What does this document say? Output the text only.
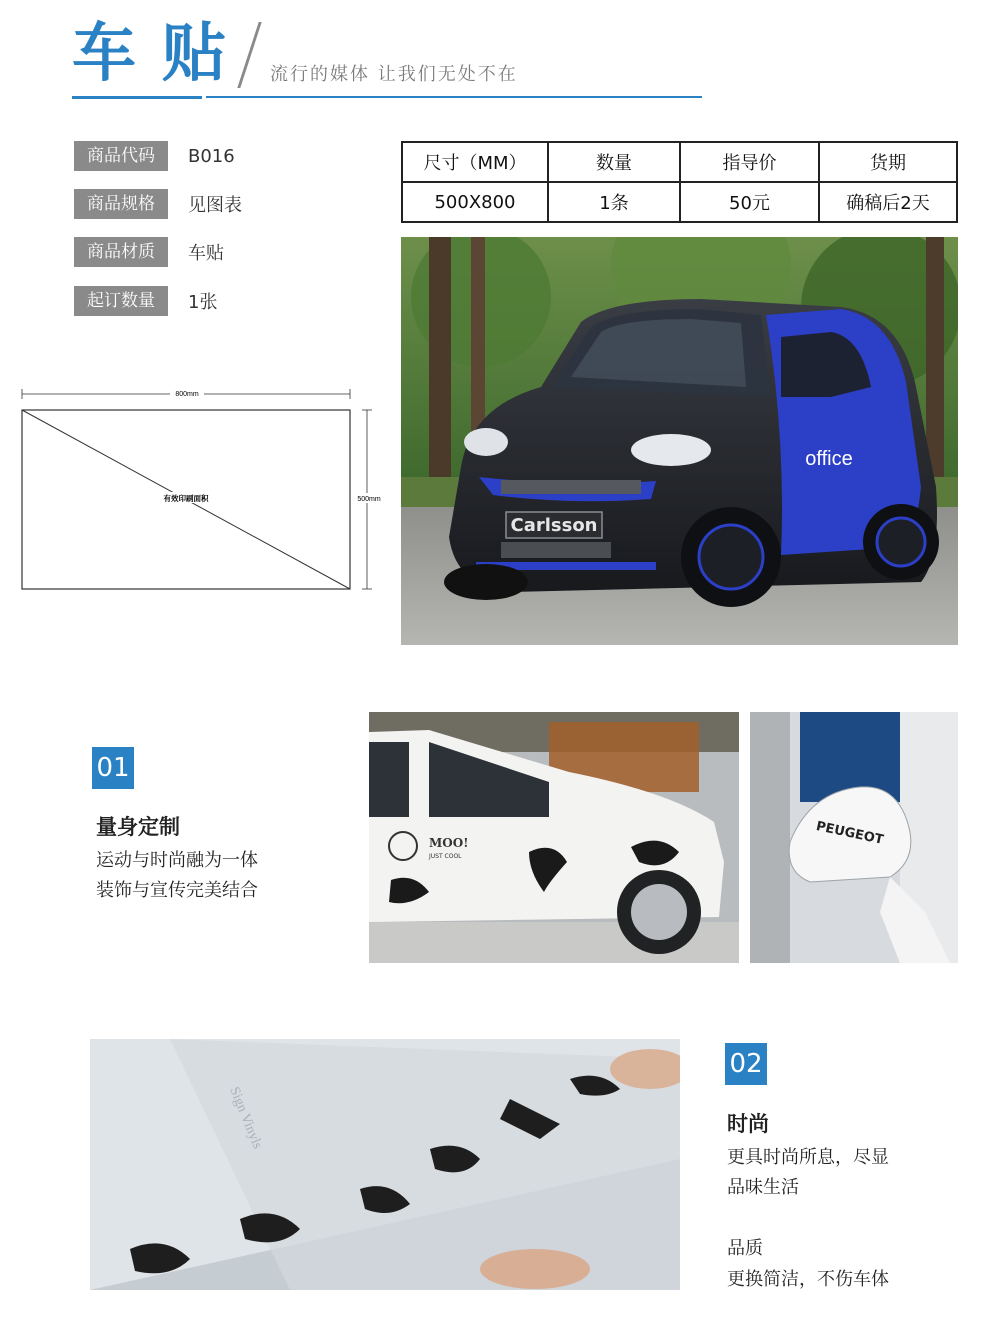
车贴 流行的媒体 让我们无处不在
商品代码	B016
商品规格	见图表
商品材质	车贴
起订数量	1张
尺寸（MM）	数量	指导价	货期
500X800	1条	50元	确稿后2天
800mm
有效印刷面积	500mm
office
Carlsson
01
量身定制
运动与时尚融为一体
装饰与宣传完美结合
MOO!
JUST COOL
PEUGEOT
Sign Vinyls
02
时尚
更具时尚所息，尽显
品味生活
品质
更换简洁，不伤车体
